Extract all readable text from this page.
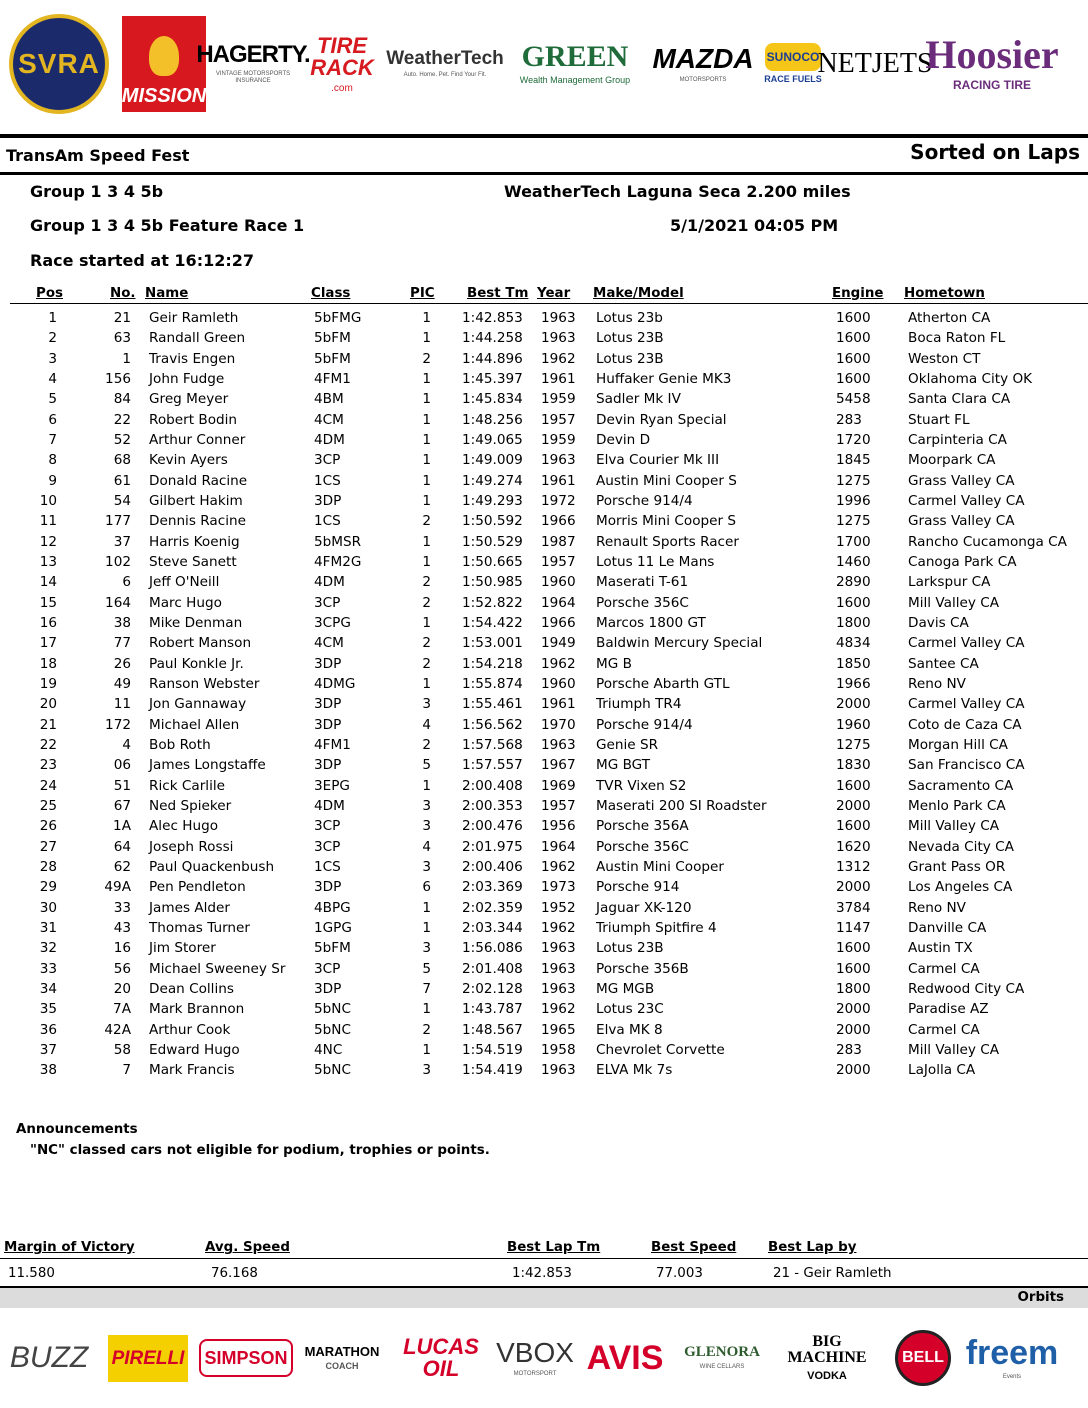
SVRA
MISSION
HAGERTY.
VINTAGE MOTORSPORTS INSURANCE
TIRE RACK
.com
WeatherTech
Auto. Home. Pet. Find Your Fit.
GREEN
Wealth Management Group
MAZDA
MOTORSPORTS
SUNOCO
RACE FUELS
NETJETS
Hoosier
RACING TIRE
TransAm Speed Fest	Sorted on Laps
Group 1 3 4 5b	WeatherTech Laguna Seca 2.200 miles
Group 1 3 4 5b Feature Race 1	5/1/2021 04:05 PM
Race started at 16:12:27
Pos	No. Name	Class	PIC Best Tm Year Make/Model	Engine Hometown
1	21 Geir Ramleth	5bFMG	1 1:42.853 1963 Lotus 23b	1600	Atherton CA
2	63 Randall Green	5bFM	1 1:44.258 1963 Lotus 23B	1600	Boca Raton FL
3	1 Travis Engen	5bFM	2 1:44.896 1962 Lotus 23B	1600	Weston CT
4	156 John Fudge	4FM1	1 1:45.397 1961 Huffaker Genie MK3	1600	Oklahoma City OK
5	84 Greg Meyer	4BM	1 1:45.834 1959 Sadler Mk IV	5458	Santa Clara CA
6	22 Robert Bodin	4CM	1 1:48.256 1957 Devin Ryan Special	283	Stuart FL
7	52 Arthur Conner	4DM	1 1:49.065 1959 Devin D	1720	Carpinteria CA
8	68 Kevin Ayers	3CP	1 1:49.009 1963 Elva Courier Mk III	1845	Moorpark CA
9	61 Donald Racine	1CS	1 1:49.274 1961 Austin Mini Cooper S	1275	Grass Valley CA
10	54 Gilbert Hakim	3DP	1 1:49.293 1972 Porsche 914/4	1996	Carmel Valley CA
11	177 Dennis Racine	1CS	2 1:50.592 1966 Morris Mini Cooper S	1275	Grass Valley CA
12	37 Harris Koenig	5bMSR	1 1:50.529 1987 Renault Sports Racer	1700	Rancho Cucamonga CA
13	102 Steve Sanett	4FM2G	1 1:50.665 1957 Lotus 11 Le Mans	1460	Canoga Park CA
14	6 Jeff O'Neill	4DM	2 1:50.985 1960 Maserati T-61	2890	Larkspur CA
15	164 Marc Hugo	3CP	2 1:52.822 1964 Porsche 356C	1600	Mill Valley CA
16	38 Mike Denman	3CPG	1 1:54.422 1966 Marcos 1800 GT	1800	Davis CA
17	77 Robert Manson	4CM	2 1:53.001 1949 Baldwin Mercury Special	4834	Carmel Valley CA
18	26 Paul Konkle Jr.	3DP	2 1:54.218 1962 MG B	1850	Santee CA
19	49 Ranson Webster	4DMG	1 1:55.874 1960 Porsche Abarth GTL	1966	Reno NV
20	11 Jon Gannaway	3DP	3 1:55.461 1961 Triumph TR4	2000	Carmel Valley CA
21	172 Michael Allen	3DP	4 1:56.562 1970 Porsche 914/4	1960	Coto de Caza CA
22	4 Bob Roth	4FM1	2 1:57.568 1963 Genie SR	1275	Morgan Hill CA
23	06 James Longstaffe	3DP	5 1:57.557 1967 MG BGT	1830	San Francisco CA
24	51 Rick Carlile	3EPG	1 2:00.408 1969 TVR Vixen S2	1600	Sacramento CA
25	67 Ned Spieker	4DM	3 2:00.353 1957 Maserati 200 SI Roadster	2000	Menlo Park CA
26	1A Alec Hugo	3CP	3 2:00.476 1956 Porsche 356A	1600	Mill Valley CA
27	64 Joseph Rossi	3CP	4 2:01.975 1964 Porsche 356C	1620	Nevada City CA
28	62 Paul Quackenbush	1CS	3 2:00.406 1962 Austin Mini Cooper	1312	Grant Pass OR
29	49A Pen Pendleton	3DP	6 2:03.369 1973 Porsche 914	2000	Los Angeles CA
30	33 James Alder	4BPG	1 2:02.359 1952 Jaguar XK-120	3784	Reno NV
31	43 Thomas Turner	1GPG	1 2:03.344 1962 Triumph Spitfire 4	1147	Danville CA
32	16 Jim Storer	5bFM	3 1:56.086 1963 Lotus 23B	1600	Austin TX
33	56 Michael Sweeney Sr 3CP	5 2:01.408 1963 Porsche 356B	1600	Carmel CA
34	20 Dean Collins	3DP	7 2:02.128 1963 MG MGB	1800	Redwood City CA
35	7A Mark Brannon	5bNC	1 1:43.787 1962 Lotus 23C	2000	Paradise AZ
36	42A Arthur Cook	5bNC	2 1:48.567 1965 Elva MK 8	2000	Carmel CA
37	58 Edward Hugo	4NC	1 1:54.519 1958 Chevrolet Corvette	283	Mill Valley CA
38	7 Mark Francis	5bNC	3 1:54.419 1963 ELVA Mk 7s	2000	LaJolla CA
Announcements
"NC" classed cars not eligible for podium, trophies or points.
Margin of Victory	Avg. Speed	Best Lap Tm	Best Speed Best Lap by
11.580	76.168	1:42.853	77.003	21 - Geir Ramleth
Orbits
BUZZ PIRELLI SIMPSON	MARATHON
COACH
LUCAS OIL
VBOX
MOTORSPORT AVIS GLENORA
WINE CELLARS
BIG MACHINE
VODKA
BELL freem
Events
